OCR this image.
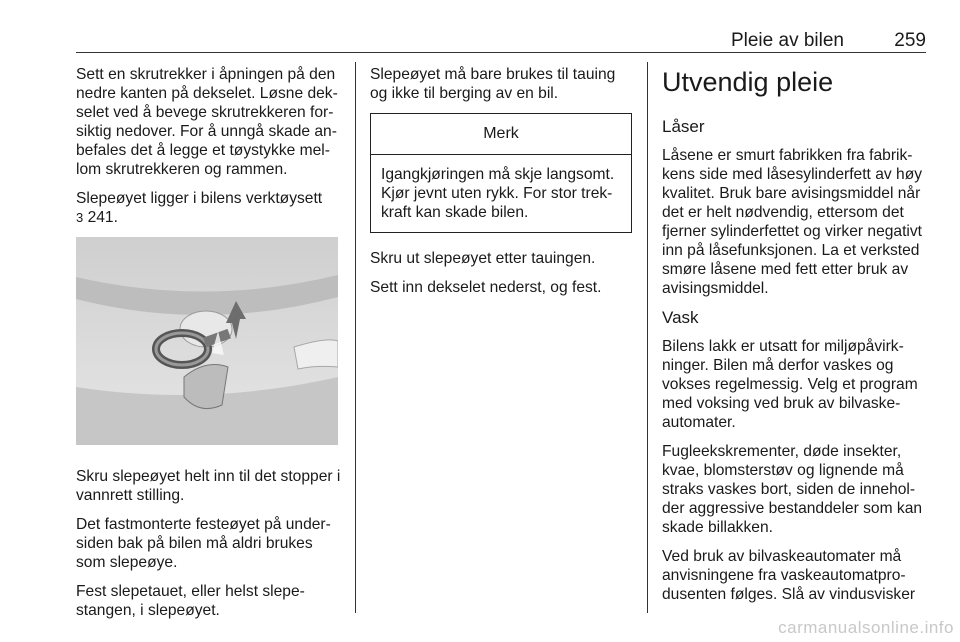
Pleie av bilen	259

Sett en skrutrekker i åpningen på den nedre kanten på dekselet. Løsne dekselet ved å bevege skrutrekkeren forsiktig nedover. For å unngå skade anbefales det å legge et tøystykke mellom skrutrekkeren og rammen.

Slepeøyet ligger i bilens verktøysett
3 241.

Skru slepeøyet helt inn til det stopper i vannrett stilling.

Det fastmonterte festeøyet på undersiden bak på bilen må aldri brukes som slepeøye.

Fest slepetauet, eller helst slepestangen, i slepeøyet.

Slepeøyet må bare brukes til tauing og ikke til berging av en bil.

Merk
Igangkjøringen må skje langsomt. Kjør jevnt uten rykk. For stor trekkraft kan skade bilen.

Skru ut slepeøyet etter tauingen.

Sett inn dekselet nederst, og fest.

Utvendig pleie
Låser

Låsene er smurt fabrikken fra fabrikkens side med låsesylinderfett av høy kvalitet. Bruk bare avisingsmiddel når det er helt nødvendig, ettersom det fjerner sylinderfettet og virker negativt inn på låsefunksjonen. La et verksted smøre låsene med fett etter bruk av avisingsmiddel.

Vask

Bilens lakk er utsatt for miljøpåvirkninger. Bilen må derfor vaskes og vokses regelmessig. Velg et program med voksing ved bruk av bilvaskeautomater.

Fugleekskrementer, døde insekter, kvae, blomsterstøv og lignende må straks vaskes bort, siden de inneholder aggressive bestanddeler som kan skade billakken.

Ved bruk av bilvaskeautomater må anvisningene fra vaskeautomatprodusenten følges. Slå av vindusvisker

carmanualsonline.info
